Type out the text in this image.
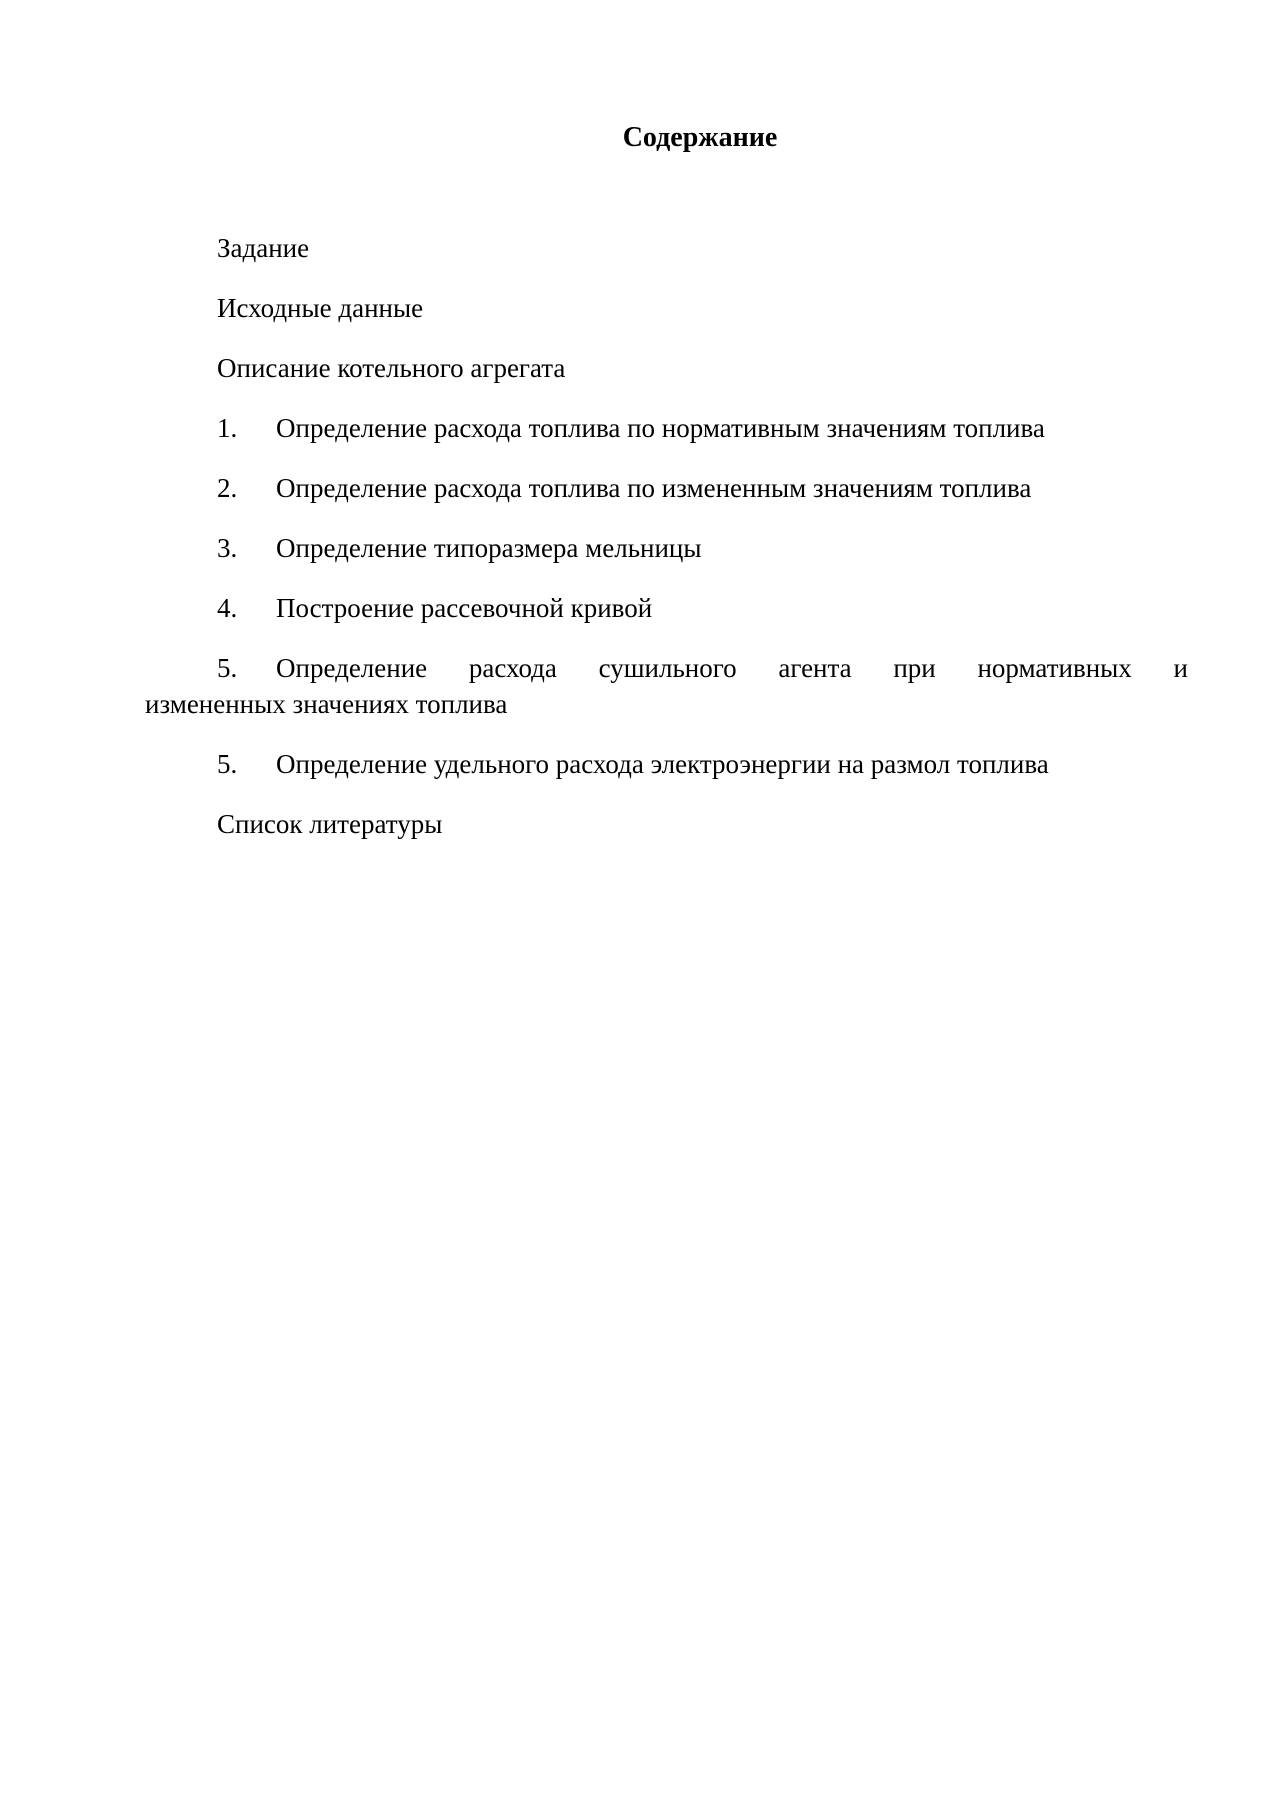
Содержание
Задание
Исходные данные
Описание котельного агрегата
1. Определение расхода топлива по нормативным значениям топлива
2. Определение расхода топлива по измененным значениям топлива
3. Определение типоразмера мельницы
4. Построение рассевочной кривой
5. Определение расхода сушильного агента при нормативных и
измененных значениях топлива
5. Определение удельного расхода электроэнергии на размол топлива
Список литературы
